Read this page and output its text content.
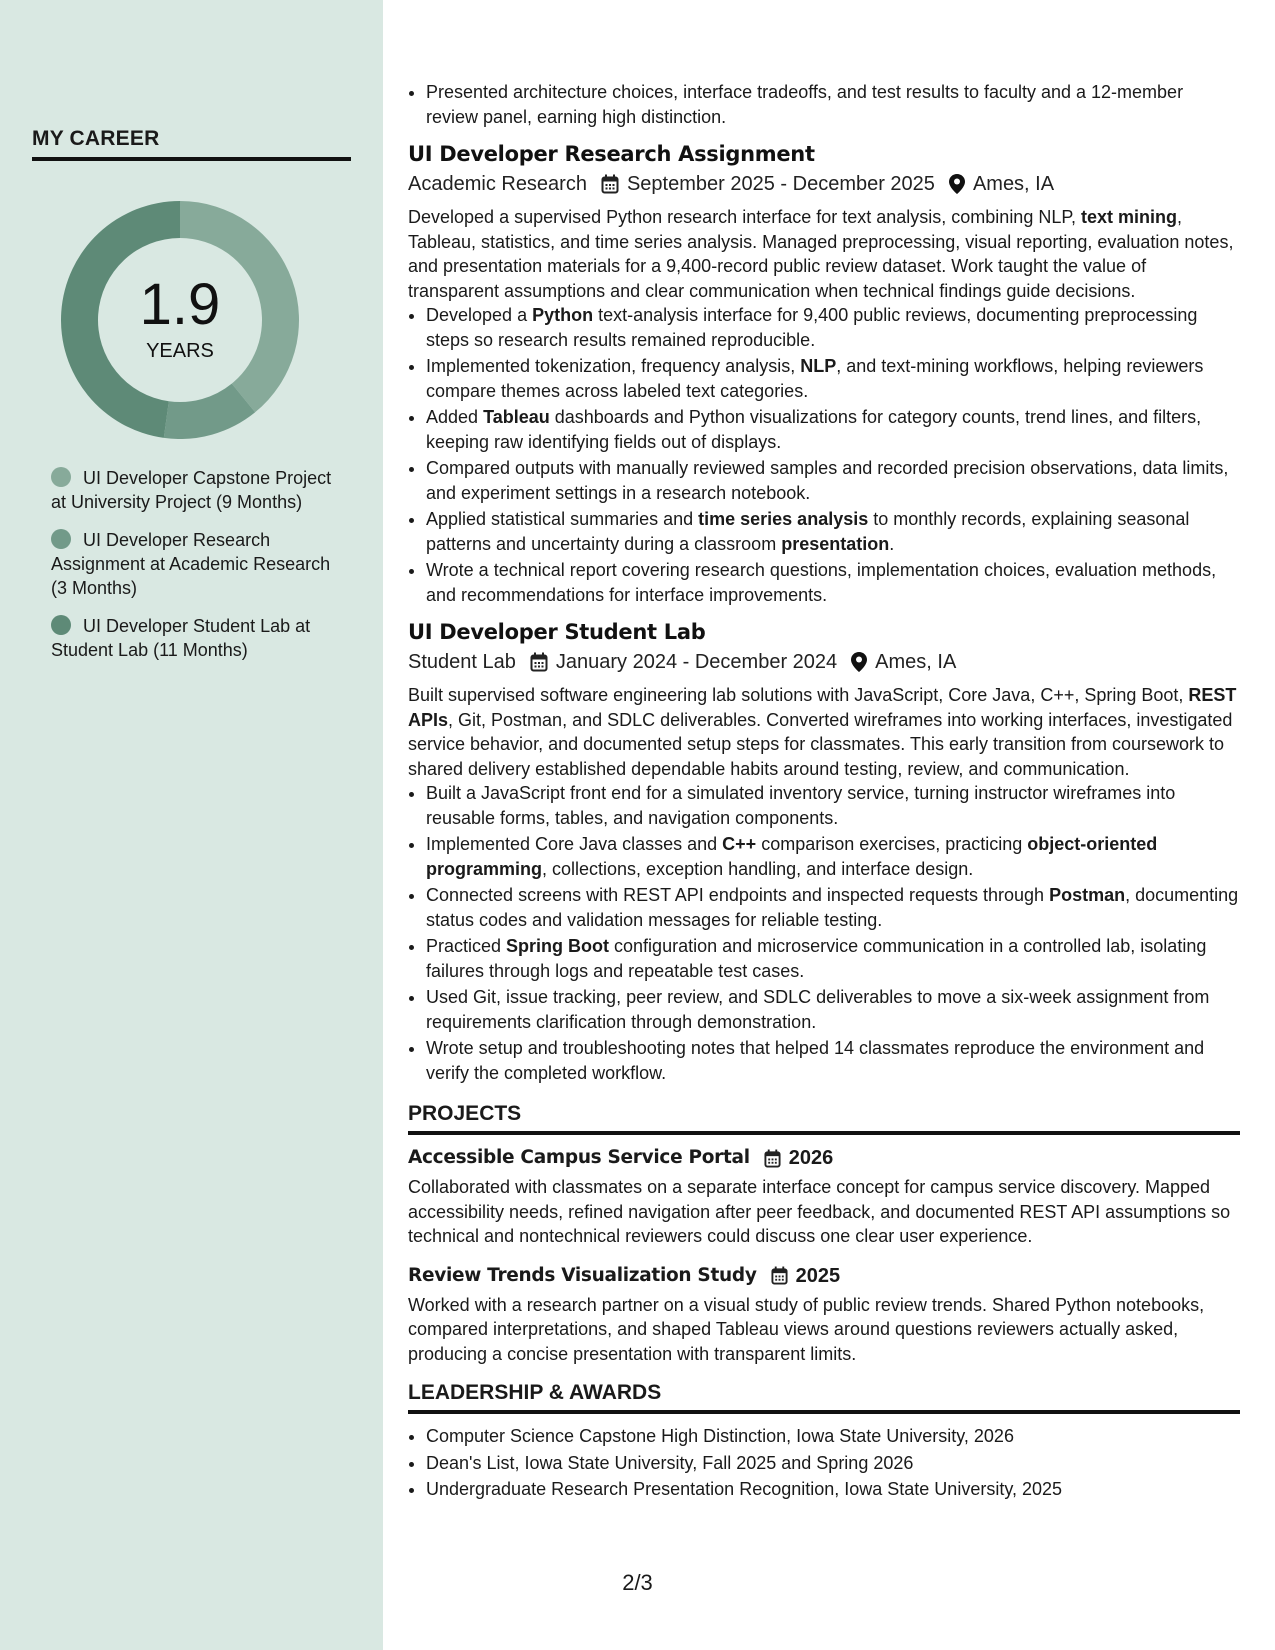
MY CAREER
1.9
YEARS
UI Developer Capstone Project at University Project (9 Months)
UI Developer Research Assignment at Academic Research (3 Months)
UI Developer Student Lab at Student Lab (11 Months)
• Presented architecture choices, interface tradeoffs, and test results to faculty and a 12-member review panel, earning high distinction.
UI Developer Research Assignment
Academic Research September 2025 - December 2025 Ames, IA

Developed a supervised Python research interface for text analysis, combining NLP, text mining, Tableau, statistics, and time series analysis. Managed preprocessing, visual reporting, evaluation notes, and presentation materials for a 9,400-record public review dataset. Work taught the value of transparent assumptions and clear communication when technical findings guide decisions.

• Developed a Python text-analysis interface for 9,400 public reviews, documenting preprocessing steps so research results remained reproducible.
• Implemented tokenization, frequency analysis, NLP, and text-mining workflows, helping reviewers compare themes across labeled text categories.
• Added Tableau dashboards and Python visualizations for category counts, trend lines, and filters, keeping raw identifying fields out of displays.
• Compared outputs with manually reviewed samples and recorded precision observations, data limits, and experiment settings in a research notebook.
• Applied statistical summaries and time series analysis to monthly records, explaining seasonal patterns and uncertainty during a classroom presentation.
• Wrote a technical report covering research questions, implementation choices, evaluation methods, and recommendations for interface improvements.
UI Developer Student Lab
Student Lab January 2024 - December 2024 Ames, IA

Built supervised software engineering lab solutions with JavaScript, Core Java, C++, Spring Boot, REST APIs, Git, Postman, and SDLC deliverables. Converted wireframes into working interfaces, investigated service behavior, and documented setup steps for classmates. This early transition from coursework to shared delivery established dependable habits around testing, review, and communication.

• Built a JavaScript front end for a simulated inventory service, turning instructor wireframes into reusable forms, tables, and navigation components.
• Implemented Core Java classes and C++ comparison exercises, practicing object-oriented programming, collections, exception handling, and interface design.
• Connected screens with REST API endpoints and inspected requests through Postman, documenting status codes and validation messages for reliable testing.
• Practiced Spring Boot configuration and microservice communication in a controlled lab, isolating failures through logs and repeatable test cases.
• Used Git, issue tracking, peer review, and SDLC deliverables to move a six-week assignment from requirements clarification through demonstration.
• Wrote setup and troubleshooting notes that helped 14 classmates reproduce the environment and verify the completed workflow.
PROJECTS
Accessible Campus Service Portal 2026

Collaborated with classmates on a separate interface concept for campus service discovery. Mapped accessibility needs, refined navigation after peer feedback, and documented REST API assumptions so technical and nontechnical reviewers could discuss one clear user experience.

Review Trends Visualization Study 2025

Worked with a research partner on a visual study of public review trends. Shared Python notebooks, compared interpretations, and shaped Tableau views around questions reviewers actually asked, producing a concise presentation with transparent limits.

LEADERSHIP & AWARDS
• Computer Science Capstone High Distinction, Iowa State University, 2026
• Dean's List, Iowa State University, Fall 2025 and Spring 2026
• Undergraduate Research Presentation Recognition, Iowa State University, 2025
2/3
